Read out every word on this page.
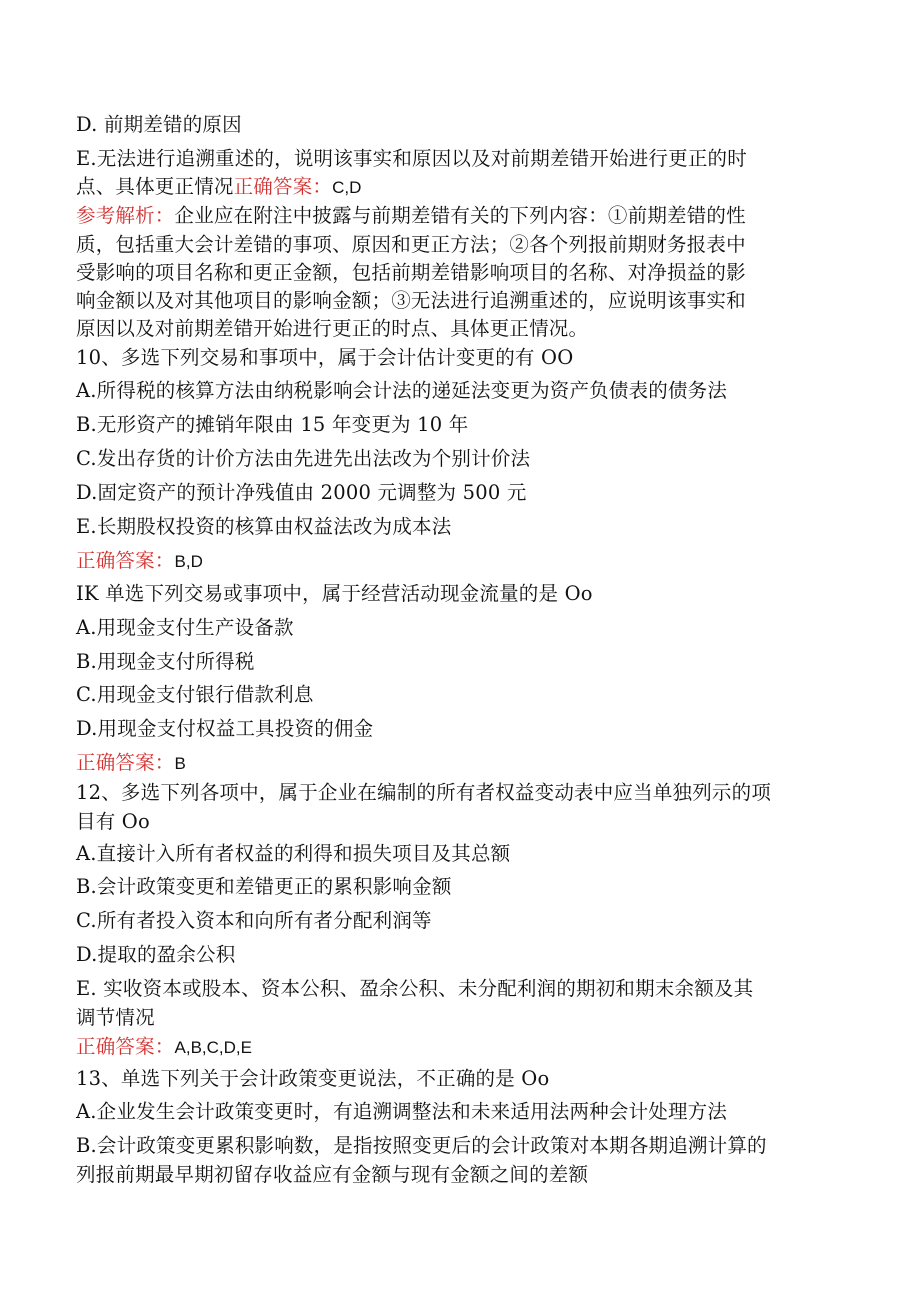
D. 前期差错的原因
E.无法进行追溯重述的，说明该事实和原因以及对前期差错开始进行更正的时
点、具体更正情况正确答案：C,D
参考解析：企业应在附注中披露与前期差错有关的下列内容：①前期差错的性
质，包括重大会计差错的事项、原因和更正方法；②各个列报前期财务报表中
受影响的项目名称和更正金额，包括前期差错影响项目的名称、对净损益的影
响金额以及对其他项目的影响金额；③无法进行追溯重述的，应说明该事实和
原因以及对前期差错开始进行更正的时点、具体更正情况。
10、多选下列交易和事项中，属于会计估计变更的有 OO
A.所得税的核算方法由纳税影响会计法的递延法变更为资产负债表的债务法
B.无形资产的摊销年限由 15 年变更为 10 年
C.发出存货的计价方法由先进先出法改为个别计价法
D.固定资产的预计净残值由 2000 元调整为 500 元
E.长期股权投资的核算由权益法改为成本法
正确答案：B,D
IK 单选下列交易或事项中，属于经营活动现金流量的是 Oo
A.用现金支付生产设备款
B.用现金支付所得税
C.用现金支付银行借款利息
D.用现金支付权益工具投资的佣金
正确答案：B
12、多选下列各项中，属于企业在编制的所有者权益变动表中应当单独列示的项
目有 Oo
A.直接计入所有者权益的利得和损失项目及其总额
B.会计政策变更和差错更正的累积影响金额
C.所有者投入资本和向所有者分配利润等
D.提取的盈余公积
E. 实收资本或股本、资本公积、盈余公积、未分配利润的期初和期末余额及其
调节情况
正确答案：A,B,C,D,E
13、单选下列关于会计政策变更说法，不正确的是 Oo
A.企业发生会计政策变更时，有追溯调整法和未来适用法两种会计处理方法
B.会计政策变更累积影响数，是指按照变更后的会计政策对本期各期追溯计算的
列报前期最早期初留存收益应有金额与现有金额之间的差额
